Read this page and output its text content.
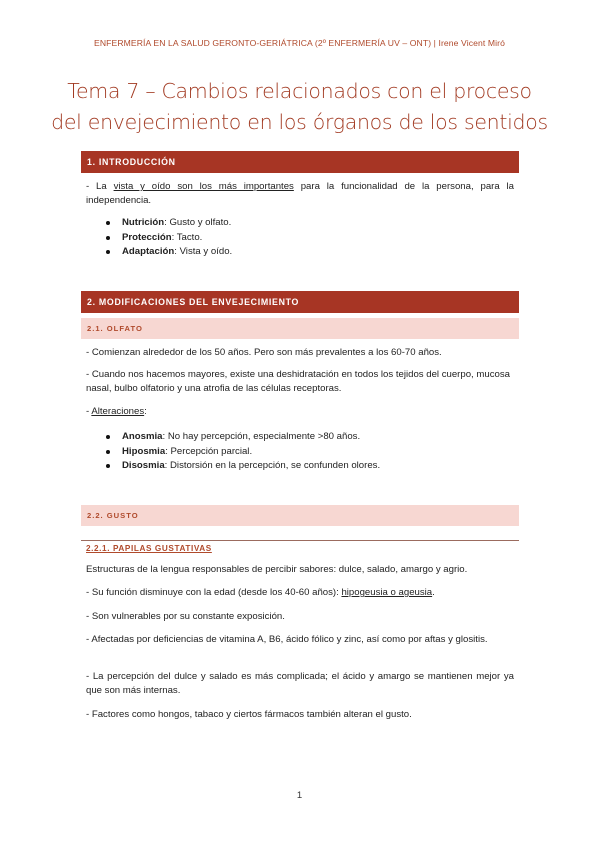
ENFERMERÍA EN LA SALUD GERONTO-GERIÁTRICA (2º ENFERMERÍA UV – ONT) | Irene Vicent Miró
Tema 7 – Cambios relacionados con el proceso
del envejecimiento en los órganos de los sentidos
1. INTRODUCCIÓN
- La vista y oído son los más importantes para la funcionalidad de la persona, para la independencia.
Nutrición: Gusto y olfato.
Protección: Tacto.
Adaptación: Vista y oído.
2. MODIFICACIONES DEL ENVEJECIMIENTO
2.1. OLFATO
- Comienzan alrededor de los 50 años. Pero son más prevalentes a los 60-70 años.
- Cuando nos hacemos mayores, existe una deshidratación en todos los tejidos del cuerpo, mucosa nasal, bulbo olfatorio y una atrofia de las células receptoras.
- Alteraciones:
Anosmia: No hay percepción, especialmente >80 años.
Hiposmia: Percepción parcial.
Disosmia: Distorsión en la percepción, se confunden olores.
2.2. GUSTO
2.2.1. PAPILAS GUSTATIVAS
Estructuras de la lengua responsables de percibir sabores: dulce, salado, amargo y agrio.
- Su función disminuye con la edad (desde los 40-60 años): hipogeusia o ageusia.
- Son vulnerables por su constante exposición.
- Afectadas por deficiencias de vitamina A, B6, ácido fólico y zinc, así como por aftas y glositis.
- La percepción del dulce y salado es más complicada; el ácido y amargo se mantienen mejor ya que son más internas.
- Factores como hongos, tabaco y ciertos fármacos también alteran el gusto.
1
